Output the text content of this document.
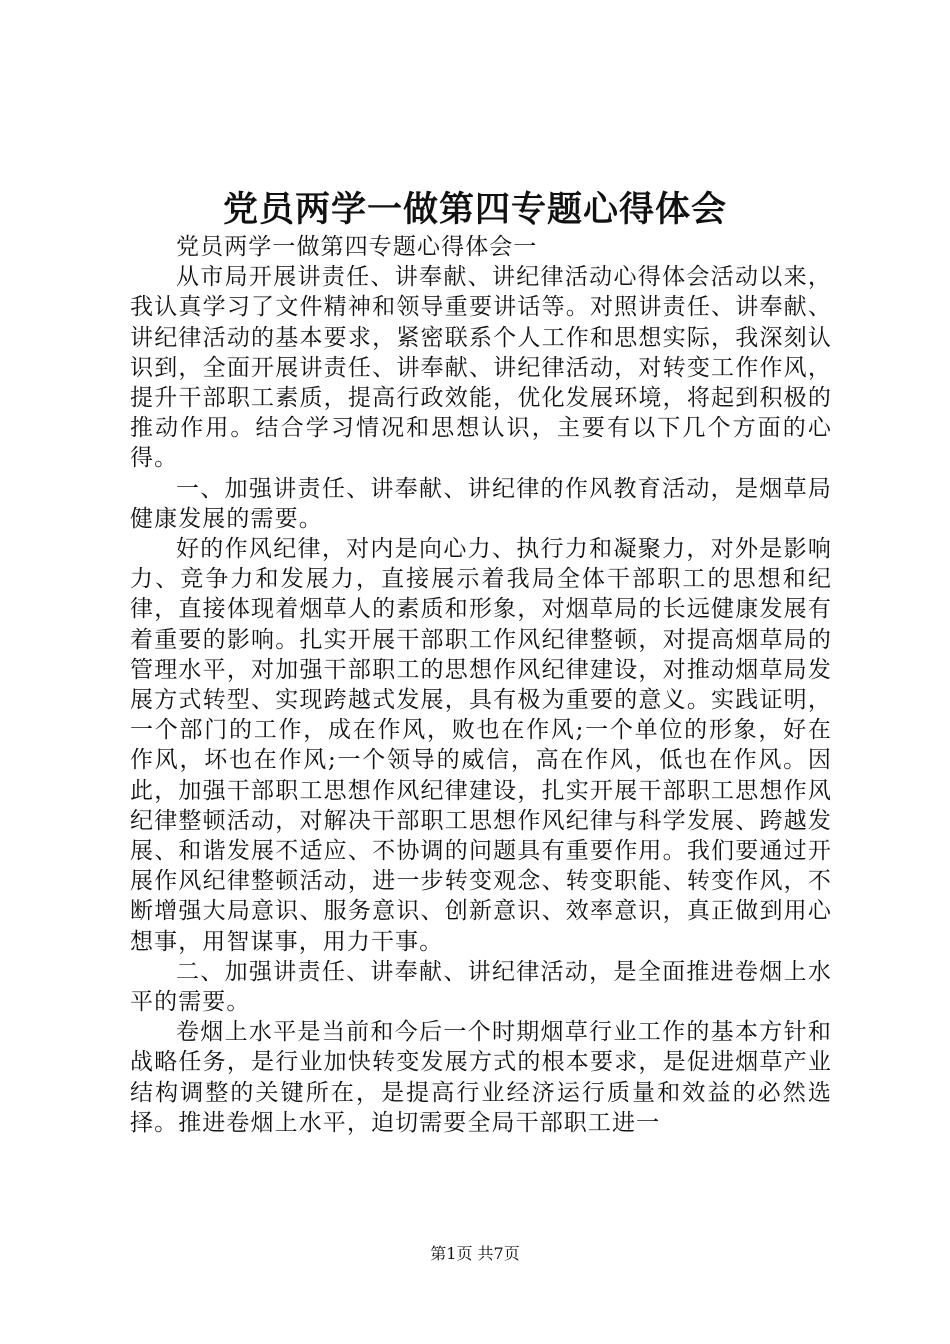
党员两学一做第四专题心得体会

党员两学一做第四专题心得体会一

从市局开展讲责任、讲奉献、讲纪律活动心得体会活动以来，我认真学习了文件精神和领导重要讲话等。对照讲责任、讲奉献、讲纪律活动的基本要求，紧密联系个人工作和思想实际，我深刻认识到，全面开展讲责任、讲奉献、讲纪律活动，对转变工作作风，提升干部职工素质，提高行政效能，优化发展环境，将起到积极的推动作用。结合学习情况和思想认识，主要有以下几个方面的心得。

一、加强讲责任、讲奉献、讲纪律的作风教育活动，是烟草局健康发展的需要。

好的作风纪律，对内是向心力、执行力和凝聚力，对外是影响力、竞争力和发展力，直接展示着我局全体干部职工的思想和纪律，直接体现着烟草人的素质和形象，对烟草局的长远健康发展有着重要的影响。扎实开展干部职工作风纪律整顿，对提高烟草局的管理水平，对加强干部职工的思想作风纪律建设，对推动烟草局发展方式转型、实现跨越式发展，具有极为重要的意义。实践证明，一个部门的工作，成在作风，败也在作风;一个单位的形象，好在作风，坏也在作风;一个领导的威信，高在作风，低也在作风。因此，加强干部职工思想作风纪律建设，扎实开展干部职工思想作风纪律整顿活动，对解决干部职工思想作风纪律与科学发展、跨越发展、和谐发展不适应、不协调的问题具有重要作用。我们要通过开展作风纪律整顿活动，进一步转变观念、转变职能、转变作风，不断增强大局意识、服务意识、创新意识、效率意识，真正做到用心想事，用智谋事，用力干事。

二、加强讲责任、讲奉献、讲纪律活动，是全面推进卷烟上水平的需要。

卷烟上水平是当前和今后一个时期烟草行业工作的基本方针和战略任务，是行业加快转变发展方式的根本要求，是促进烟草产业结构调整的关键所在，是提高行业经济运行质量和效益的必然选择。推进卷烟上水平，迫切需要全局干部职工进一

第1页 共7页
